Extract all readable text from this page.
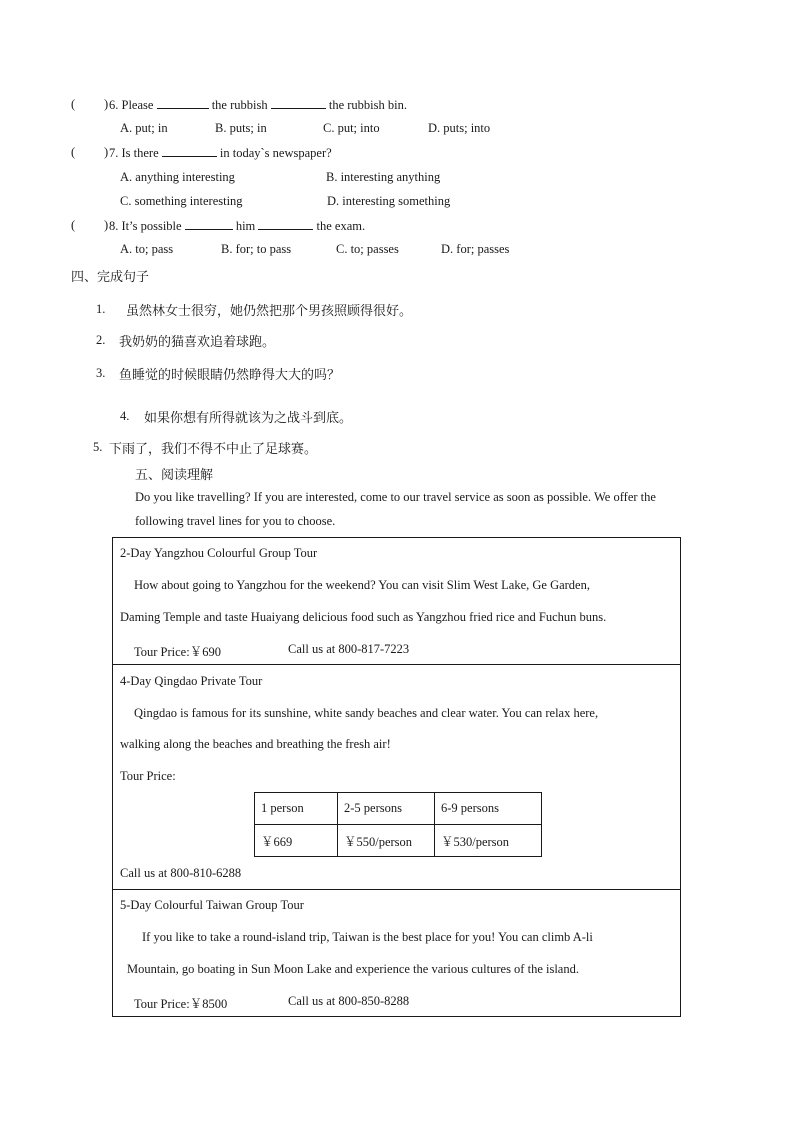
( ) 6. Please	the rubbish	the rubbish bin.
A. put; in	B. puts; in	C. put; into	D. puts; into
( ) 7. Is there	in today`s newspaper?
A. anything interesting	B. interesting anything
C. something interesting	D. interesting something
( ) 8. It’s possible	him	the exam.
A. to; pass	B. for; to pass	C. to; passes	D. for; passes
四、完成句子
1. 虽然林女士很穷，她仍然把那个男孩照顾得很好。
2. 我奶奶的猫喜欢追着球跑。
3. 鱼睡觉的时候眼睛仍然睁得大大的吗？
4. 如果你想有所得就该为之战斗到底。
5. 下雨了，我们不得不中止了足球赛。
五、阅读理解
Do you like travelling? If you are interested, come to our travel service as soon as possible. We offer the
following travel lines for you to choose.
2-Day Yangzhou Colourful Group Tour
How about going to Yangzhou for the weekend? You can visit Slim West Lake, Ge Garden,
Daming Temple and taste Huaiyang delicious food such as Yangzhou fried rice and Fuchun buns.
Tour Price:￥690	Call us at 800-817-7223
4-Day Qingdao Private Tour
Qingdao is famous for its sunshine, white sandy beaches and clear water. You can relax here,
walking along the beaches and breathing the fresh air!
Tour Price:
1 person	2-5 persons	6-9 persons
￥669	￥550/person	￥530/person
Call us at 800-810-6288
5-Day Colourful Taiwan Group Tour
If you like to take a round-island trip, Taiwan is the best place for you! You can climb A-li
Mountain, go boating in Sun Moon Lake and experience the various cultures of the island.
Tour Price:￥8500	Call us at 800-850-8288
